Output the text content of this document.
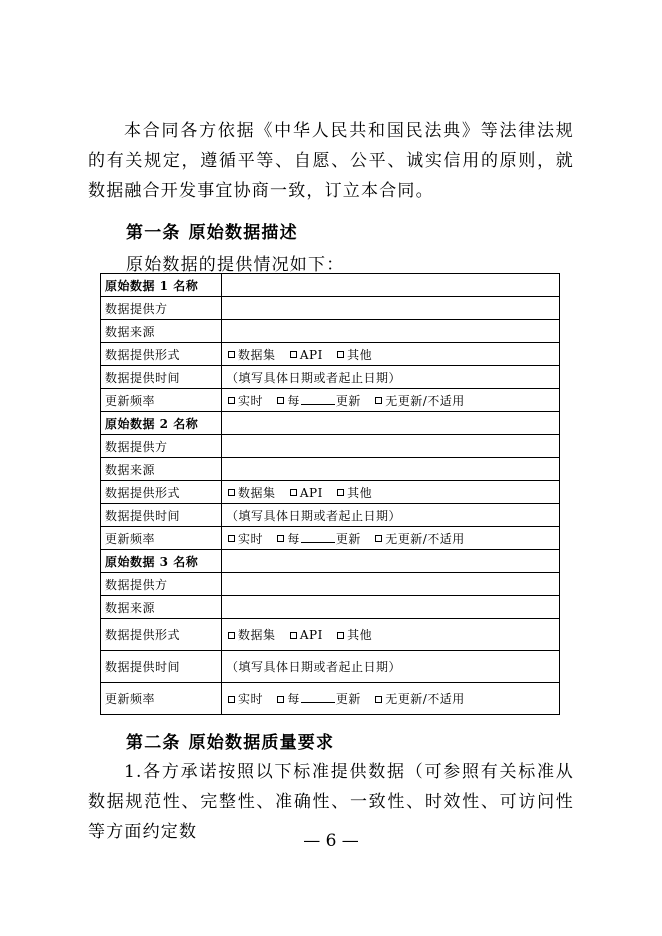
本合同各方依据《中华人民共和国民法典》等法律法规的有关规定，遵循平等、自愿、公平、诚实信用的原则，就数据融合开发事宜协商一致，订立本合同。

第一条 原始数据描述

原始数据的提供情况如下：

原始数据 1 名称	
数据提供方	
数据来源	
数据提供形式	数据集 API 其他
数据提供时间	（填写具体日期或者起止日期）
更新频率	实时 每 更新 无更新/不适用
原始数据 2 名称	
数据提供方	
数据来源	
数据提供形式	数据集 API 其他
数据提供时间	（填写具体日期或者起止日期）
更新频率	实时 每 更新 无更新/不适用
原始数据 3 名称	
数据提供方	
数据来源	
数据提供形式	数据集 API 其他
数据提供时间	（填写具体日期或者起止日期）
更新频率	实时 每 更新 无更新/不适用

第二条 原始数据质量要求

1.各方承诺按照以下标准提供数据（可参照有关标准从数据规范性、完整性、准确性、一致性、时效性、可访问性等方面约定数	— 6 —
